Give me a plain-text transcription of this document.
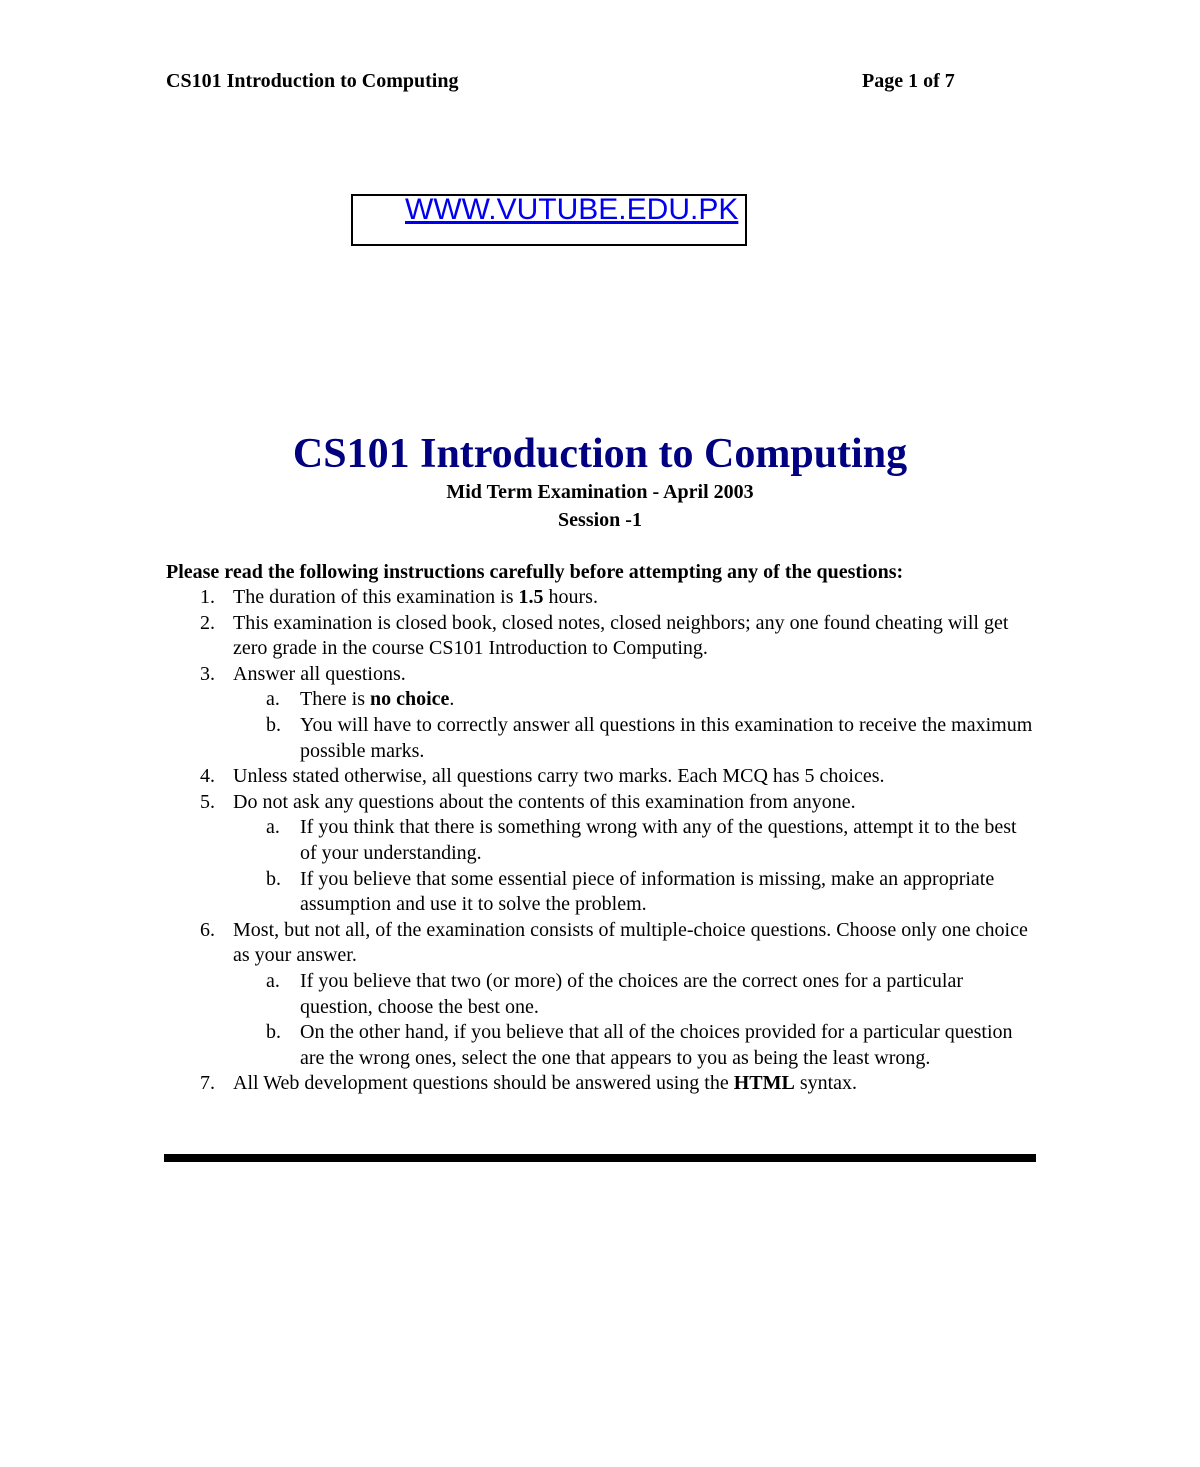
CS101 Introduction to Computing	Page 1 of 7
WWW.VUTUBE.EDU.PK
CS101 Introduction to Computing
Mid Term Examination - April 2003
Session -1
Please read the following instructions carefully before attempting any of the questions:
1. The duration of this examination is 1.5 hours.
2. This examination is closed book, closed notes, closed neighbors; any one found cheating will get zero grade in the course CS101 Introduction to Computing.
3. Answer all questions.
a. There is no choice.
b. You will have to correctly answer all questions in this examination to receive the maximum possible marks.
4. Unless stated otherwise, all questions carry two marks. Each MCQ has 5 choices.
5. Do not ask any questions about the contents of this examination from anyone.
a. If you think that there is something wrong with any of the questions, attempt it to the best of your understanding.
b. If you believe that some essential piece of information is missing, make an appropriate assumption and use it to solve the problem.
6. Most, but not all, of the examination consists of multiple-choice questions. Choose only one choice as your answer.
a. If you believe that two (or more) of the choices are the correct ones for a particular question, choose the best one.
b. On the other hand, if you believe that all of the choices provided for a particular question are the wrong ones, select the one that appears to you as being the least wrong.
7. All Web development questions should be answered using the HTML syntax.
